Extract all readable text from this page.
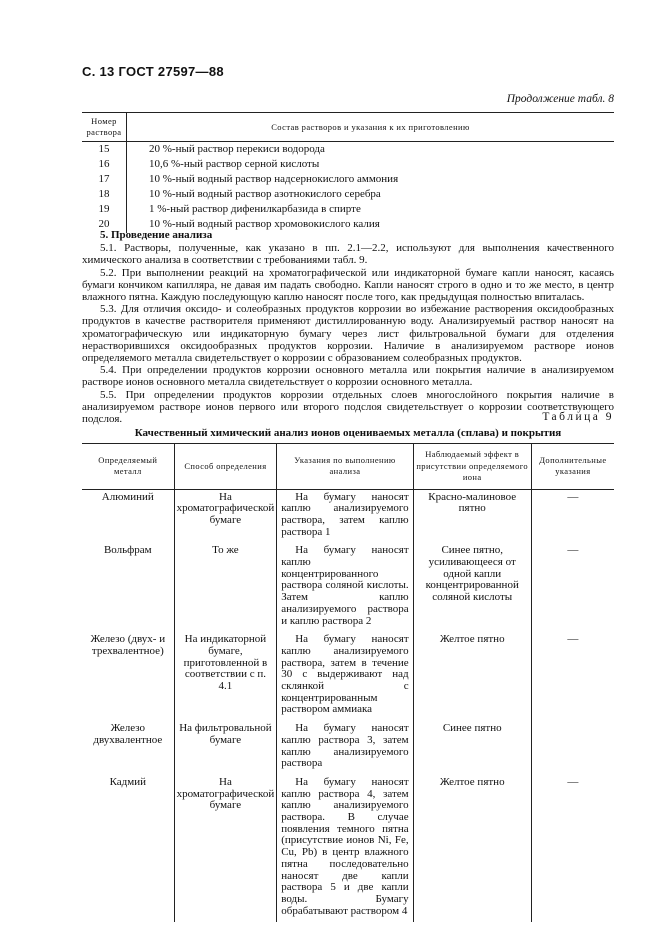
С. 13 ГОСТ 27597—88
Продолжение табл. 8
Номер раствора	Состав растворов и указания к их приготовлению
15	20 %-ный раствор перекиси водорода
16	10,6 %-ный раствор серной кислоты
17	10 %-ный водный раствор надсернокислого аммония
18	10 %-ный водный раствор азотнокислого серебра
19	1 %-ный раствор дифенилкарбазида в спирте
20	10 %-ный водный раствор хромовокислого калия

5. Проведение анализа

5.1. Растворы, полученные, как указано в пп. 2.1—2.2, используют для выполнения качественного химического анализа в соответствии с требованиями табл. 9.

5.2. При выполнении реакций на хроматографической или индикаторной бумаге капли наносят, касаясь бумаги кончиком капилляра, не давая им падать свободно. Капли наносят строго в одно и то же место, в центр влажного пятна. Каждую последующую каплю наносят после того, как предыдущая полностью впиталась.

5.3. Для отличия оксидо- и солеобразных продуктов коррозии во избежание растворения оксидообразных продуктов в качестве растворителя применяют дистиллированную воду. Анализируемый раствор наносят на хроматографическую или индикаторную бумагу через лист фильтровальной бумаги для отделения нерастворившихся оксидообразных продуктов коррозии. Наличие в анализируемом растворе ионов определяемого металла свидетельствует о коррозии с образованием солеобразных продуктов.

5.4. При определении продуктов коррозии основного металла или покрытия наличие в анализируемом растворе ионов основного металла свидетельствует о коррозии основного металла.

5.5. При определении продуктов коррозии отдельных слоев многослойного покрытия наличие в анализируемом растворе ионов первого или второго подслоя свидетельствует о коррозии соответствующего подслоя.	Таблица 9
Качественный химический анализ ионов оцениваемых металла (сплава) и покрытия
Определяемый металл	Способ определения	Указания по выполнению анализа	Наблюдаемый эффект в присутствии определяемого иона	Дополнительные указания
Алюминий	На хроматографической бумаге	На бумагу наносят каплю анализируемого раствора, затем каплю раствора 1	Красно-малиновое пятно	—
Вольфрам	То же	На бумагу наносят каплю концентрированного раствора соляной кислоты. Затем каплю анализируемого раствора и каплю раствора 2	Синее пятно, усиливающееся от одной капли концентрированной соляной кислоты	—
Железо (двух- и трехвалентное)	На индикаторной бумаге, приготовленной в соответствии с п. 4.1	На бумагу наносят каплю анализируемого раствора, затем в течение 30 с выдерживают над склянкой с концентрированным раствором аммиака	Желтое пятно	—
Железо двухвалентное	На фильтровальной бумаге	На бумагу наносят каплю раствора 3, затем каплю анализируемого раствора	Синее пятно	
Кадмий	На хроматографической бумаге	На бумагу наносят каплю раствора 4, затем каплю анализируемого раствора. В случае появления темного пятна (присутствие ионов Ni, Fe, Cu, Pb) в центр влажного пятна последовательно наносят две капли раствора 5 и две капли воды. Бумагу обрабатывают раствором 4	Желтое пятно	—
